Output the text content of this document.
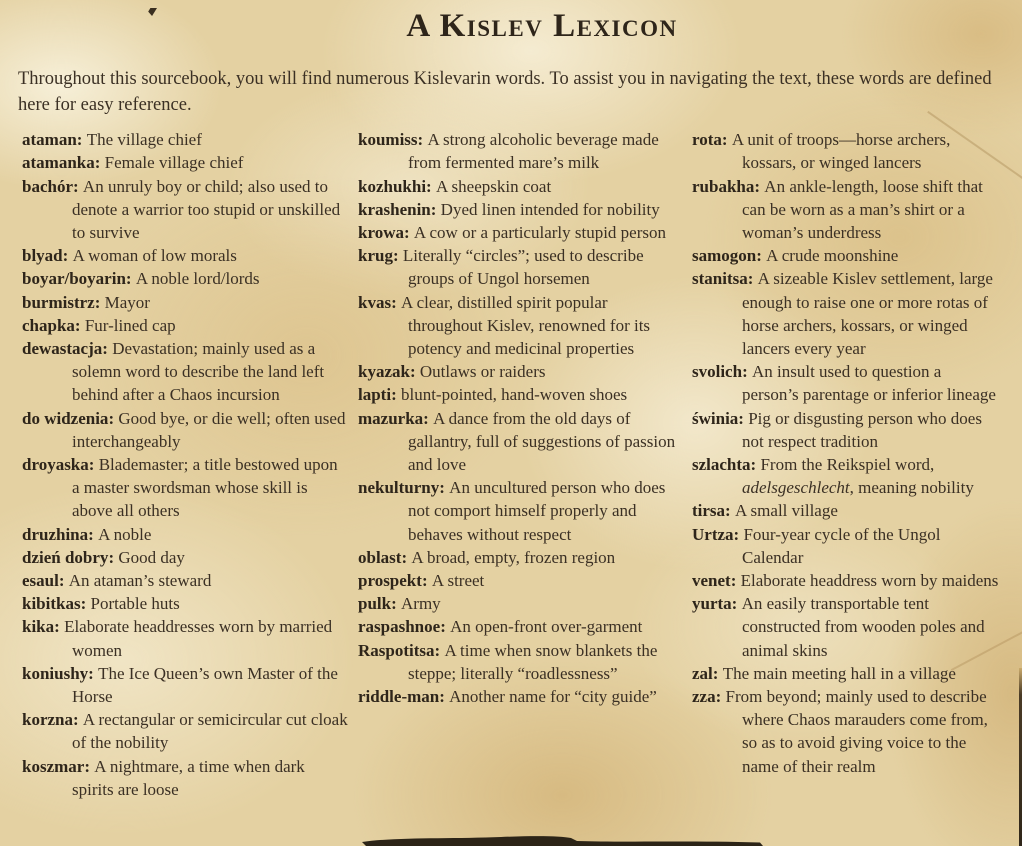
A Kislev Lexicon

Throughout this sourcebook, you will find numerous Kislevarin words. To assist you in navigating the text, these words are defined here for easy reference.

ataman: The village chief
atamanka: Female village chief
bachór: An unruly boy or child; also used to denote a warrior too stupid or unskilled to survive
blyad: A woman of low morals
boyar/boyarin: A noble lord/lords
burmistrz: Mayor
chapka: Fur-lined cap
dewastacja: Devastation; mainly used as a solemn word to describe the land left behind after a Chaos incursion
do widzenia: Good bye, or die well; often used interchangeably
droyaska: Blademaster; a title bestowed upon a master swordsman whose skill is above all others
druzhina: A noble
dzień dobry: Good day
esaul: An ataman’s steward
kibitkas: Portable huts
kika: Elaborate headdresses worn by married women
koniushy: The Ice Queen’s own Master of the Horse
korzna: A rectangular or semicircular cut cloak of the nobility
koszmar: A nightmare, a time when dark spirits are loose
koumiss: A strong alcoholic beverage made from fermented mare’s milk
kozhukhi: A sheepskin coat
krashenin: Dyed linen intended for nobility
krowa: A cow or a particularly stupid person
krug: Literally “circles”; used to describe groups of Ungol horsemen
kvas: A clear, distilled spirit popular throughout Kislev, renowned for its potency and medicinal properties
kyazak: Outlaws or raiders
lapti: blunt-pointed, hand-woven shoes
mazurka: A dance from the old days of gallantry, full of suggestions of passion and love
nekulturny: An uncultured person who does not comport himself properly and behaves without respect
oblast: A broad, empty, frozen region
prospekt: A street
pulk: Army
raspashnoe: An open-front over-garment
Raspotitsa: A time when snow blankets the steppe; literally “roadlessness”
riddle-man: Another name for “city guide”
rota: A unit of troops—horse archers, kossars, or winged lancers
rubakha: An ankle-length, loose shift that can be worn as a man’s shirt or a woman’s underdress
samogon: A crude moonshine
stanitsa: A sizeable Kislev settlement, large enough to raise one or more rotas of horse archers, kossars, or winged lancers every year
svolich: An insult used to question a person’s parentage or inferior lineage
świnia: Pig or disgusting person who does not respect tradition
szlachta: From the Reikspiel word, adelsgeschlecht, meaning nobility
tirsa: A small village
Urtza: Four-year cycle of the Ungol Calendar
venet: Elaborate headdress worn by maidens
yurta: An easily transportable tent constructed from wooden poles and animal skins
zal: The main meeting hall in a village
zza: From beyond; mainly used to describe where Chaos marauders come from, so as to avoid giving voice to the name of their realm
